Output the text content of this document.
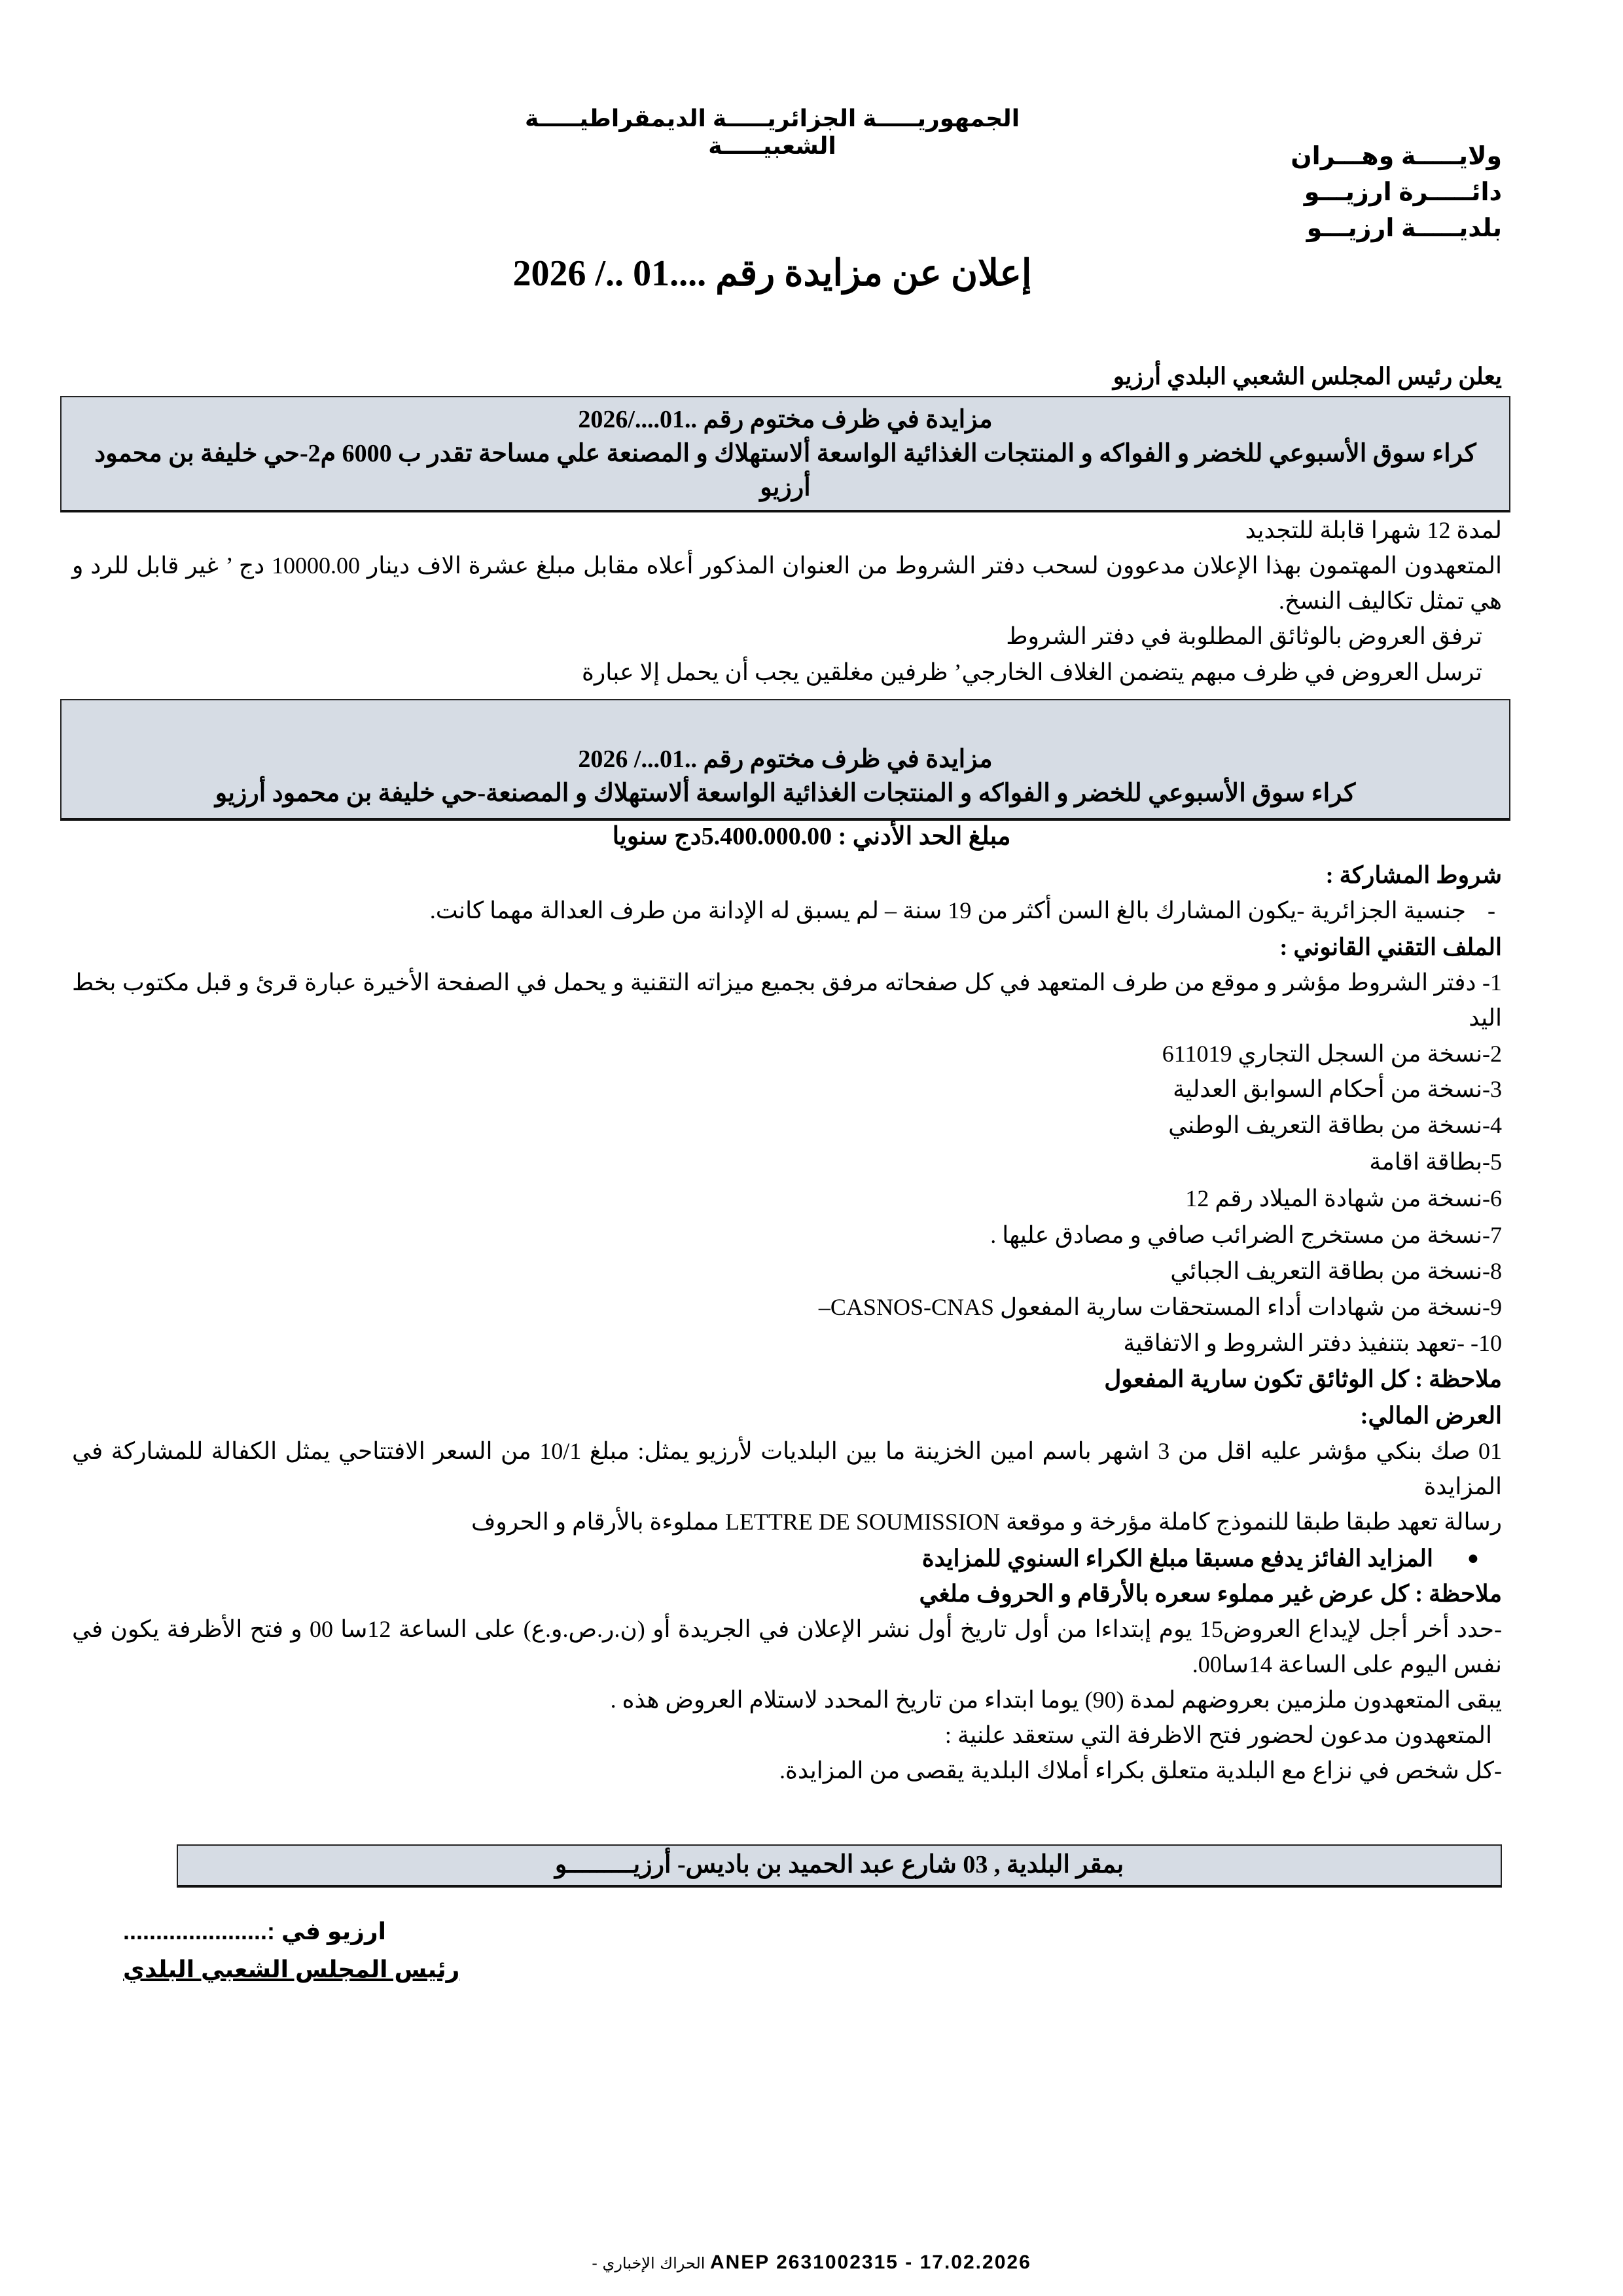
الجمهوريـــــة الجزائريـــــة الديمقراطيـــــة الشعبيـــــة	ولايـــــة وهـــران
دائـــــرة ارزيـــو
بلديـــــة ارزيـــو
إعلان عن مزايدة رقم ....01 ../ 2026
يعلن رئيس المجلس الشعبي البلدي أرزيو
مزايدة في ظرف مختوم رقم ..01..../2026
كراء سوق الأسبوعي للخضر و الفواكه و المنتجات الغذائية الواسعة ألاستهلاك و المصنعة علي مساحة تقدر ب 6000 م2-حي خليفة بن محمود أرزيو
لمدة 12 شهرا قابلة للتجديد
المتعهدون المهتمون بهذا الإعلان مدعوون لسحب دفتر الشروط من العنوان المذكور أعلاه مقابل مبلغ عشرة الاف دينار 10000.00 دج ’ غير قابل للرد و هي تمثل تكاليف النسخ.
ترفق العروض بالوثائق المطلوبة في دفتر الشروط
ترسل العروض في ظرف مبهم يتضمن الغلاف الخارجي’ ظرفين مغلقين يجب أن يحمل إلا عبارة
مزايدة في ظرف مختوم رقم ..01.../ 2026
كراء سوق الأسبوعي للخضر و الفواكه و المنتجات الغذائية الواسعة ألاستهلاك و المصنعة-حي خليفة بن محمود أرزيو
مبلغ الحد الأدني : 5.400.000.00دج سنويا
شروط المشاركة :
-
جنسية الجزائرية -يكون المشارك بالغ السن أكثر من 19 سنة – لم يسبق له الإدانة من طرف العدالة مهما كانت.
الملف التقني القانوني :
1- دفتر الشروط مؤشر و موقع من طرف المتعهد في كل صفحاته مرفق بجميع ميزاته التقنية و يحمل في الصفحة الأخيرة عبارة قرئ و قبل مكتوب بخط اليد
2-نسخة من السجل التجاري 611019
3-نسخة من أحكام السوابق العدلية
4-نسخة من بطاقة التعريف الوطني
5-بطاقة اقامة
6-نسخة من شهادة الميلاد رقم 12
7-نسخة من مستخرج الضرائب صافي و مصادق عليها .
8-نسخة من بطاقة التعريف الجبائي
9-نسخة من شهادات أداء المستحقات سارية المفعول CASNOS-CNAS–
10- -تعهد بتنفيذ دفتر الشروط و الاتفاقية
ملاحظة : كل الوثائق تكون سارية المفعول
العرض المالي:
01 صك بنكي مؤشر عليه اقل من 3 اشهر باسم امين الخزينة ما بين البلديات لأرزيو يمثل: مبلغ 10/1 من السعر الافتتاحي يمثل الكفالة للمشاركة في المزايدة
رسالة تعهد طبقا طبقا للنموذج كاملة مؤرخة و موقعة LETTRE DE SOUMISSION مملوءة بالأرقام و الحروف
●
المزايد الفائز يدفع مسبقا مبلغ الكراء السنوي للمزايدة
ملاحظة : كل عرض غير مملوء سعره بالأرقام و الحروف ملغي
-حدد أخر أجل لإيداع العروض15 يوم إبتداءا من أول تاريخ أول نشر الإعلان في الجريدة أو (ن.ر.ص.و.ع) على الساعة 12سا 00 و فتح الأظرفة يكون في نفس اليوم على الساعة 14سا00.
يبقى المتعهدون ملزمين بعروضهم لمدة (90) يوما ابتداء من تاريخ المحدد لاستلام العروض هذه .
المتعهدون مدعون لحضور فتح الاظرفة التي ستعقد علنية :
-كل شخص في نزاع مع البلدية متعلق بكراء أملاك البلدية يقصى من المزايدة.
بمقر البلدية , 03 شارع عبد الحميد بن باديس- أرزيـــــــــو
ارزيو في :......................
رئيس المجلس الشعبي البلدي
الحراك الإخباري - ANEP 2631002315 - 17.02.2026
